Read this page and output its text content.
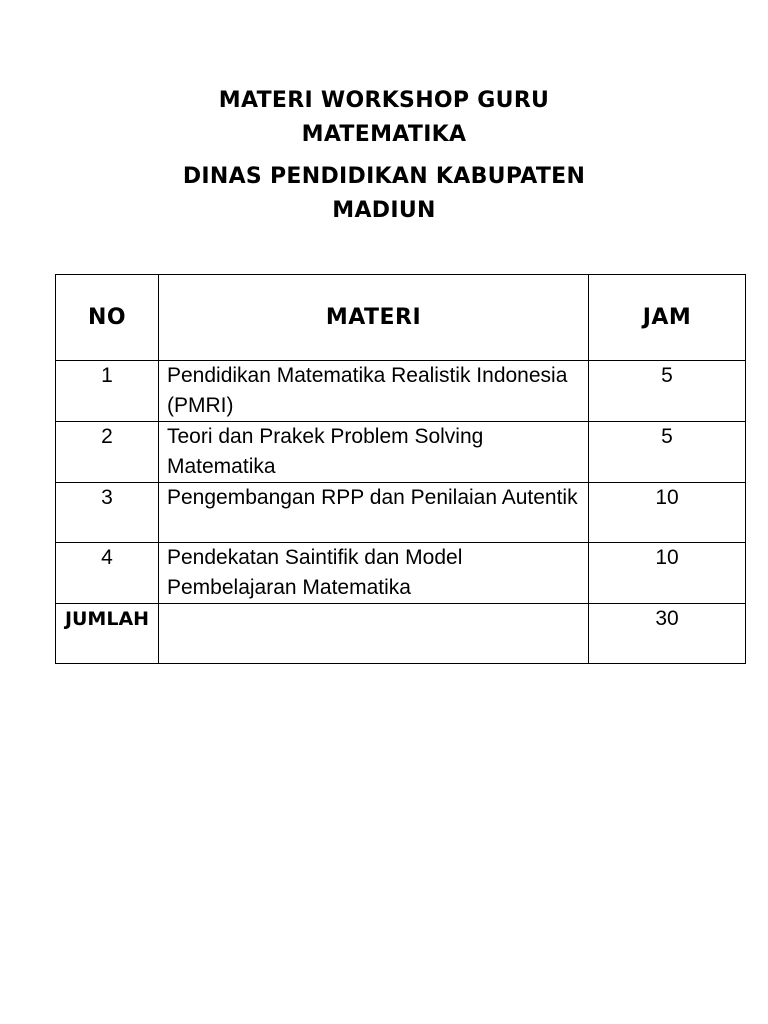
MATERI WORKSHOP GURU
MATEMATIKA
DINAS PENDIDIKAN KABUPATEN
MADIUN
NO	MATERI	JAM
1	Pendidikan Matematika Realistik Indonesia (PMRI)	5
2	Teori dan Prakek Problem Solving Matematika	5
3	Pengembangan RPP dan Penilaian Autentik	10
4	Pendekatan Saintifik dan Model Pembelajaran Matematika	10
JUMLAH		30
